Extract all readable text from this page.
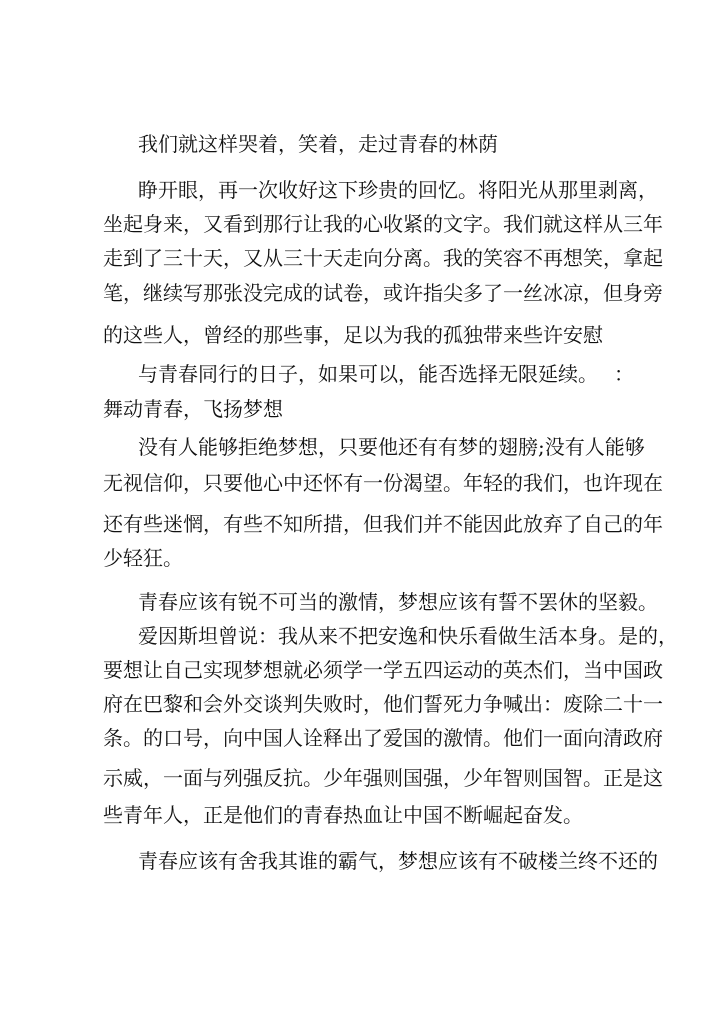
我们就这样哭着，笑着，走过青春的林荫
睁开眼，再一次收好这下珍贵的回忆。将阳光从那里剥离，
坐起身来，又看到那行让我的心收紧的文字。我们就这样从三年
走到了三十天，又从三十天走向分离。我的笑容不再想笑，拿起
笔，继续写那张没完成的试卷，或许指尖多了一丝冰凉，但身旁
的这些人，曾经的那些事，足以为我的孤独带来些许安慰
与青春同行的日子，如果可以，能否选择无限延续。 ：
舞动青春，飞扬梦想
没有人能够拒绝梦想，只要他还有有梦的翅膀;没有人能够
无视信仰，只要他心中还怀有一份渴望。年轻的我们，也许现在
还有些迷惘，有些不知所措，但我们并不能因此放弃了自己的年
少轻狂。
青春应该有锐不可当的激情，梦想应该有誓不罢休的坚毅。
爱因斯坦曾说：我从来不把安逸和快乐看做生活本身。是的，
要想让自己实现梦想就必须学一学五四运动的英杰们，当中国政
府在巴黎和会外交谈判失败时，他们誓死力争喊出：废除二十一
条。的口号，向中国人诠释出了爱国的激情。他们一面向清政府
示威，一面与列强反抗。少年强则国强，少年智则国智。正是这
些青年人，正是他们的青春热血让中国不断崛起奋发。
青春应该有舍我其谁的霸气，梦想应该有不破楼兰终不还的
